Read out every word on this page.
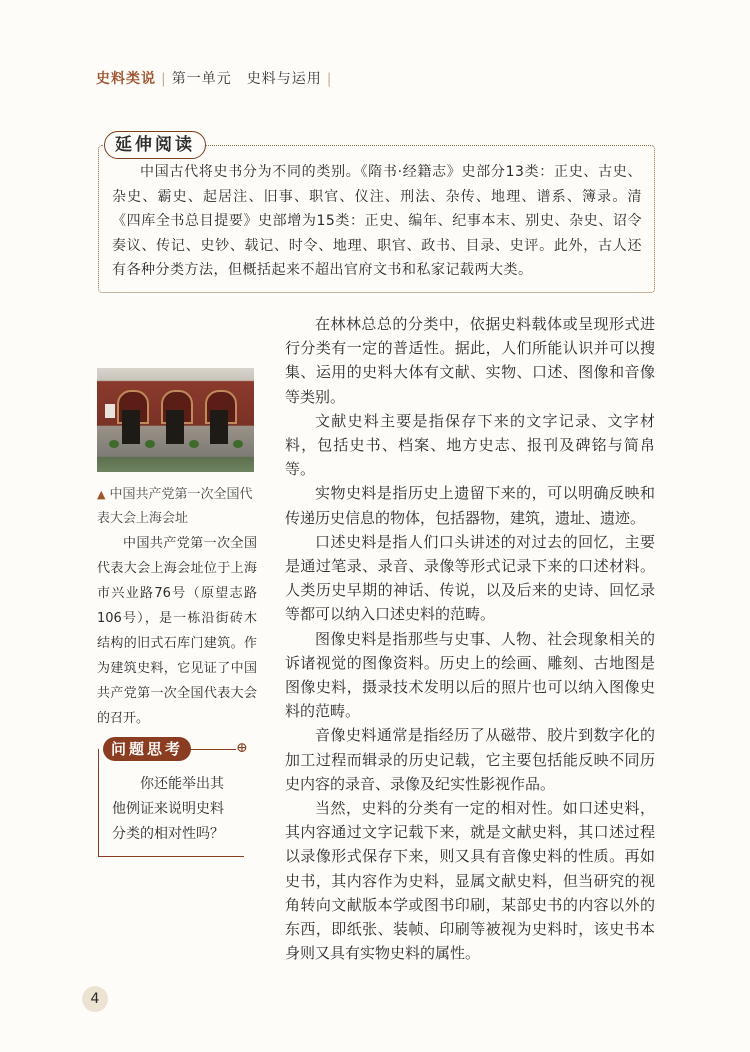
史料类说 | 第一单元　史料与运用 |
延伸阅读
中国古代将史书分为不同的类别。《隋书·经籍志》史部分13类：正史、古史、杂史、霸史、起居注、旧事、职官、仪注、刑法、杂传、地理、谱系、簿录。清《四库全书总目提要》史部增为15类：正史、编年、纪事本末、别史、杂史、诏令奏议、传记、史钞、载记、时令、地理、职官、政书、目录、史评。此外，古人还有各种分类方法，但概括起来不超出官府文书和私家记载两大类。
▲ 中国共产党第一次全国代表大会上海会址
中国共产党第一次全国代表大会上海会址位于上海市兴业路76号（原望志路106号），是一栋沿街砖木结构的旧式石库门建筑。作为建筑史料，它见证了中国共产党第一次全国代表大会的召开。
⊕
问题思考
你还能举出其他例证来说明史料分类的相对性吗？

在林林总总的分类中，依据史料载体或呈现形式进行分类有一定的普适性。据此，人们所能认识并可以搜集、运用的史料大体有文献、实物、口述、图像和音像等类别。

文献史料主要是指保存下来的文字记录、文字材料，包括史书、档案、地方史志、报刊及碑铭与简帛等。

实物史料是指历史上遗留下来的，可以明确反映和传递历史信息的物体，包括器物，建筑，遗址、遗迹。

口述史料是指人们口头讲述的对过去的回忆，主要是通过笔录、录音、录像等形式记录下来的口述材料。人类历史早期的神话、传说，以及后来的史诗、回忆录等都可以纳入口述史料的范畴。

图像史料是指那些与史事、人物、社会现象相关的诉诸视觉的图像资料。历史上的绘画、雕刻、古地图是图像史料，摄录技术发明以后的照片也可以纳入图像史料的范畴。

音像史料通常是指经历了从磁带、胶片到数字化的加工过程而辑录的历史记载，它主要包括能反映不同历史内容的录音、录像及纪实性影视作品。

当然，史料的分类有一定的相对性。如口述史料，其内容通过文字记载下来，就是文献史料，其口述过程以录像形式保存下来，则又具有音像史料的性质。再如史书，其内容作为史料，显属文献史料，但当研究的视角转向文献版本学或图书印刷，某部史书的内容以外的东西，即纸张、装帧、印刷等被视为史料时，该史书本身则又具有实物史料的属性。

4
